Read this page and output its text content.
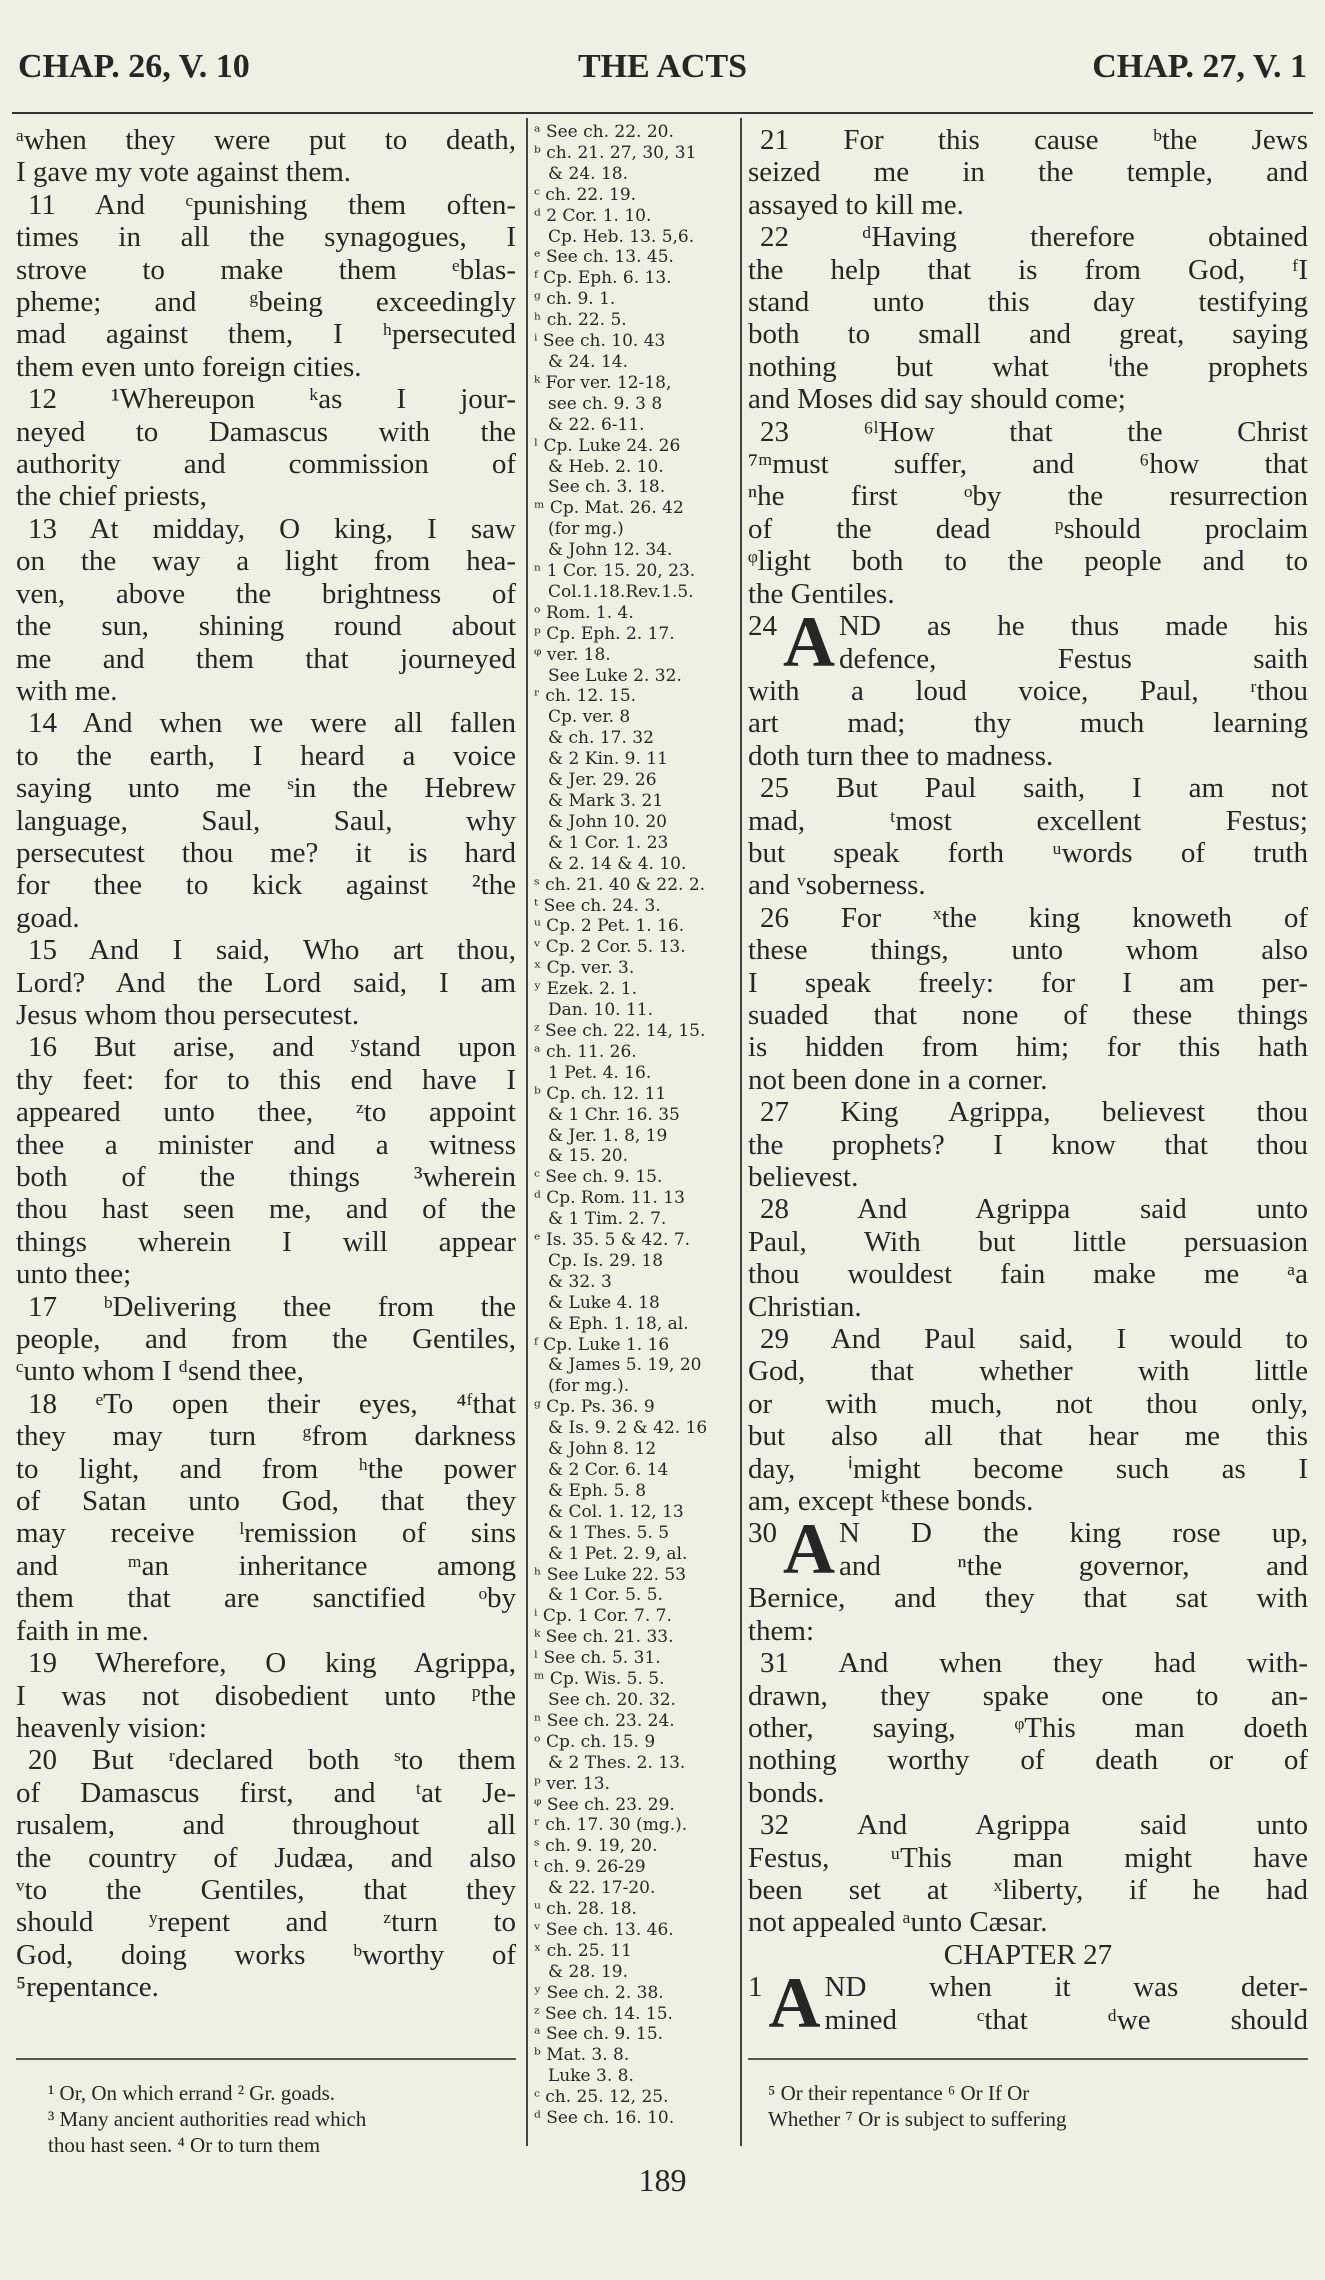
CHAP. 26, V. 10	THE ACTS	CHAP. 27, V. 1
ᵃwhen they were put to death,
I gave my vote against them.
11 And ᶜpunishing them often-
times in all the synagogues, I
strove to make them ᵉblas-
pheme; and ᵍbeing exceedingly
mad against them, I ʰpersecuted
them even unto foreign cities.
12 ¹Whereupon ᵏas I jour-
neyed to Damascus with the
authority and commission of
the chief priests,
13 At midday, O king, I saw
on the way a light from hea-
ven, above the brightness of
the sun, shining round about
me and them that journeyed
with me.
14 And when we were all fallen
to the earth, I heard a voice
saying unto me ˢin the Hebrew
language, Saul, Saul, why
persecutest thou me? it is hard
for thee to kick against ²the
goad.
15 And I said, Who art thou,
Lord? And the Lord said, I am
Jesus whom thou persecutest.
16 But arise, and ʸstand upon
thy feet: for to this end have I
appeared unto thee, ᶻto appoint
thee a minister and a witness
both of the things ³wherein
thou hast seen me, and of the
things wherein I will appear
unto thee;
17 ᵇDelivering thee from the
people, and from the Gentiles,
ᶜunto whom I ᵈsend thee,
18 ᵉTo open their eyes, ⁴ᶠthat
they may turn ᵍfrom darkness
to light, and from ʰthe power
of Satan unto God, that they
may receive ˡremission of sins
and ᵐan inheritance among
them that are sanctified ᵒby
faith in me.
19 Wherefore, O king Agrippa,
I was not disobedient unto ᵖthe
heavenly vision:
20 But ʳdeclared both ˢto them
of Damascus first, and ᵗat Je-
rusalem, and throughout all
the country of Judæa, and also
ᵛto the Gentiles, that they
should ʸrepent and ᶻturn to
God, doing works ᵇworthy of
⁵repentance.
ᵃ See ch. 22. 20.
ᵇ ch. 21. 27, 30, 31
& 24. 18.
ᶜ ch. 22. 19.
ᵈ 2 Cor. 1. 10.
Cp. Heb. 13. 5,6.
ᵉ See ch. 13. 45.
ᶠ Cp. Eph. 6. 13.
ᵍ ch. 9. 1.
ʰ ch. 22. 5.
ⁱ See ch. 10. 43
& 24. 14.
ᵏ For ver. 12-18,
see ch. 9. 3 8
& 22. 6-11.
ˡ Cp. Luke 24. 26
& Heb. 2. 10.
See ch. 3. 18.
ᵐ Cp. Mat. 26. 42
(for mg.)
& John 12. 34.
ⁿ 1 Cor. 15. 20, 23.
Col.1.18.Rev.1.5.
ᵒ Rom. 1. 4.
ᵖ Cp. Eph. 2. 17.
ᵠ ver. 18.
See Luke 2. 32.
ʳ ch. 12. 15.
Cp. ver. 8
& ch. 17. 32
& 2 Kin. 9. 11
& Jer. 29. 26
& Mark 3. 21
& John 10. 20
& 1 Cor. 1. 23
& 2. 14 & 4. 10.
ˢ ch. 21. 40 & 22. 2.
ᵗ See ch. 24. 3.
ᵘ Cp. 2 Pet. 1. 16.
ᵛ Cp. 2 Cor. 5. 13.
ˣ Cp. ver. 3.
ʸ Ezek. 2. 1.
Dan. 10. 11.
ᶻ See ch. 22. 14, 15.
ᵃ ch. 11. 26.
1 Pet. 4. 16.
ᵇ Cp. ch. 12. 11
& 1 Chr. 16. 35
& Jer. 1. 8, 19
& 15. 20.
ᶜ See ch. 9. 15.
ᵈ Cp. Rom. 11. 13
& 1 Tim. 2. 7.
ᵉ Is. 35. 5 & 42. 7.
Cp. Is. 29. 18
& 32. 3
& Luke 4. 18
& Eph. 1. 18, al.
ᶠ Cp. Luke 1. 16
& James 5. 19, 20
(for mg.).
ᵍ Cp. Ps. 36. 9
& Is. 9. 2 & 42. 16
& John 8. 12
& 2 Cor. 6. 14
& Eph. 5. 8
& Col. 1. 12, 13
& 1 Thes. 5. 5
& 1 Pet. 2. 9, al.
ʰ See Luke 22. 53
& 1 Cor. 5. 5.
ⁱ Cp. 1 Cor. 7. 7.
ᵏ See ch. 21. 33.
ˡ See ch. 5. 31.
ᵐ Cp. Wis. 5. 5.
See ch. 20. 32.
ⁿ See ch. 23. 24.
ᵒ Cp. ch. 15. 9
& 2 Thes. 2. 13.
ᵖ ver. 13.
ᵠ See ch. 23. 29.
ʳ ch. 17. 30 (mg.).
ˢ ch. 9. 19, 20.
ᵗ ch. 9. 26-29
& 22. 17-20.
ᵘ ch. 28. 18.
ᵛ See ch. 13. 46.
ˣ ch. 25. 11
& 28. 19.
ʸ See ch. 2. 38.
ᶻ See ch. 14. 15.
ᵃ See ch. 9. 15.
ᵇ Mat. 3. 8.
Luke 3. 8.
ᶜ ch. 25. 12, 25.
ᵈ See ch. 16. 10.
21 For this cause ᵇthe Jews
seized me in the temple, and
assayed to kill me.
22 ᵈHaving therefore obtained
the help that is from God, ᶠI
stand unto this day testifying
both to small and great, saying
nothing but what ⁱthe prophets
and Moses did say should come;
23 ⁶ˡHow that the Christ
⁷ᵐmust suffer, and ⁶how that
ⁿhe first ᵒby the resurrection
of the dead ᵖshould proclaim
ᵠlight both to the people and to
the Gentiles.
24 A ND as he thus made his
defence, Festus saith
with a loud voice, Paul, ʳthou
art mad; thy much learning
doth turn thee to madness.
25 But Paul saith, I am not
mad, ᵗmost excellent Festus;
but speak forth ᵘwords of truth
and ᵛsoberness.
26 For ˣthe king knoweth of
these things, unto whom also
I speak freely: for I am per-
suaded that none of these things
is hidden from him; for this hath
not been done in a corner.
27 King Agrippa, believest thou
the prophets? I know that thou
believest.
28 And Agrippa said unto
Paul, With but little persuasion
thou wouldest fain make me ᵃa
Christian.
29 And Paul said, I would to
God, that whether with little
or with much, not thou only,
but also all that hear me this
day, ⁱmight become such as I
am, except ᵏthese bonds.
30 A N D the king rose up,
and ⁿthe governor, and
Bernice, and they that sat with
them:
31 And when they had with-
drawn, they spake one to an-
other, saying, ᵠThis man doeth
nothing worthy of death or of
bonds.
32 And Agrippa said unto
Festus, ᵘThis man might have
been set at ˣliberty, if he had
not appealed ᵃunto Cæsar.
CHAPTER 27
1 A ND when it was deter-
mined ᶜthat ᵈwe should
¹ Or, On which errand ² Gr. goads.
³ Many ancient authorities read which
thou hast seen. ⁴ Or to turn them
⁵ Or their repentance ⁶ Or If Or
Whether ⁷ Or is subject to suffering
189
